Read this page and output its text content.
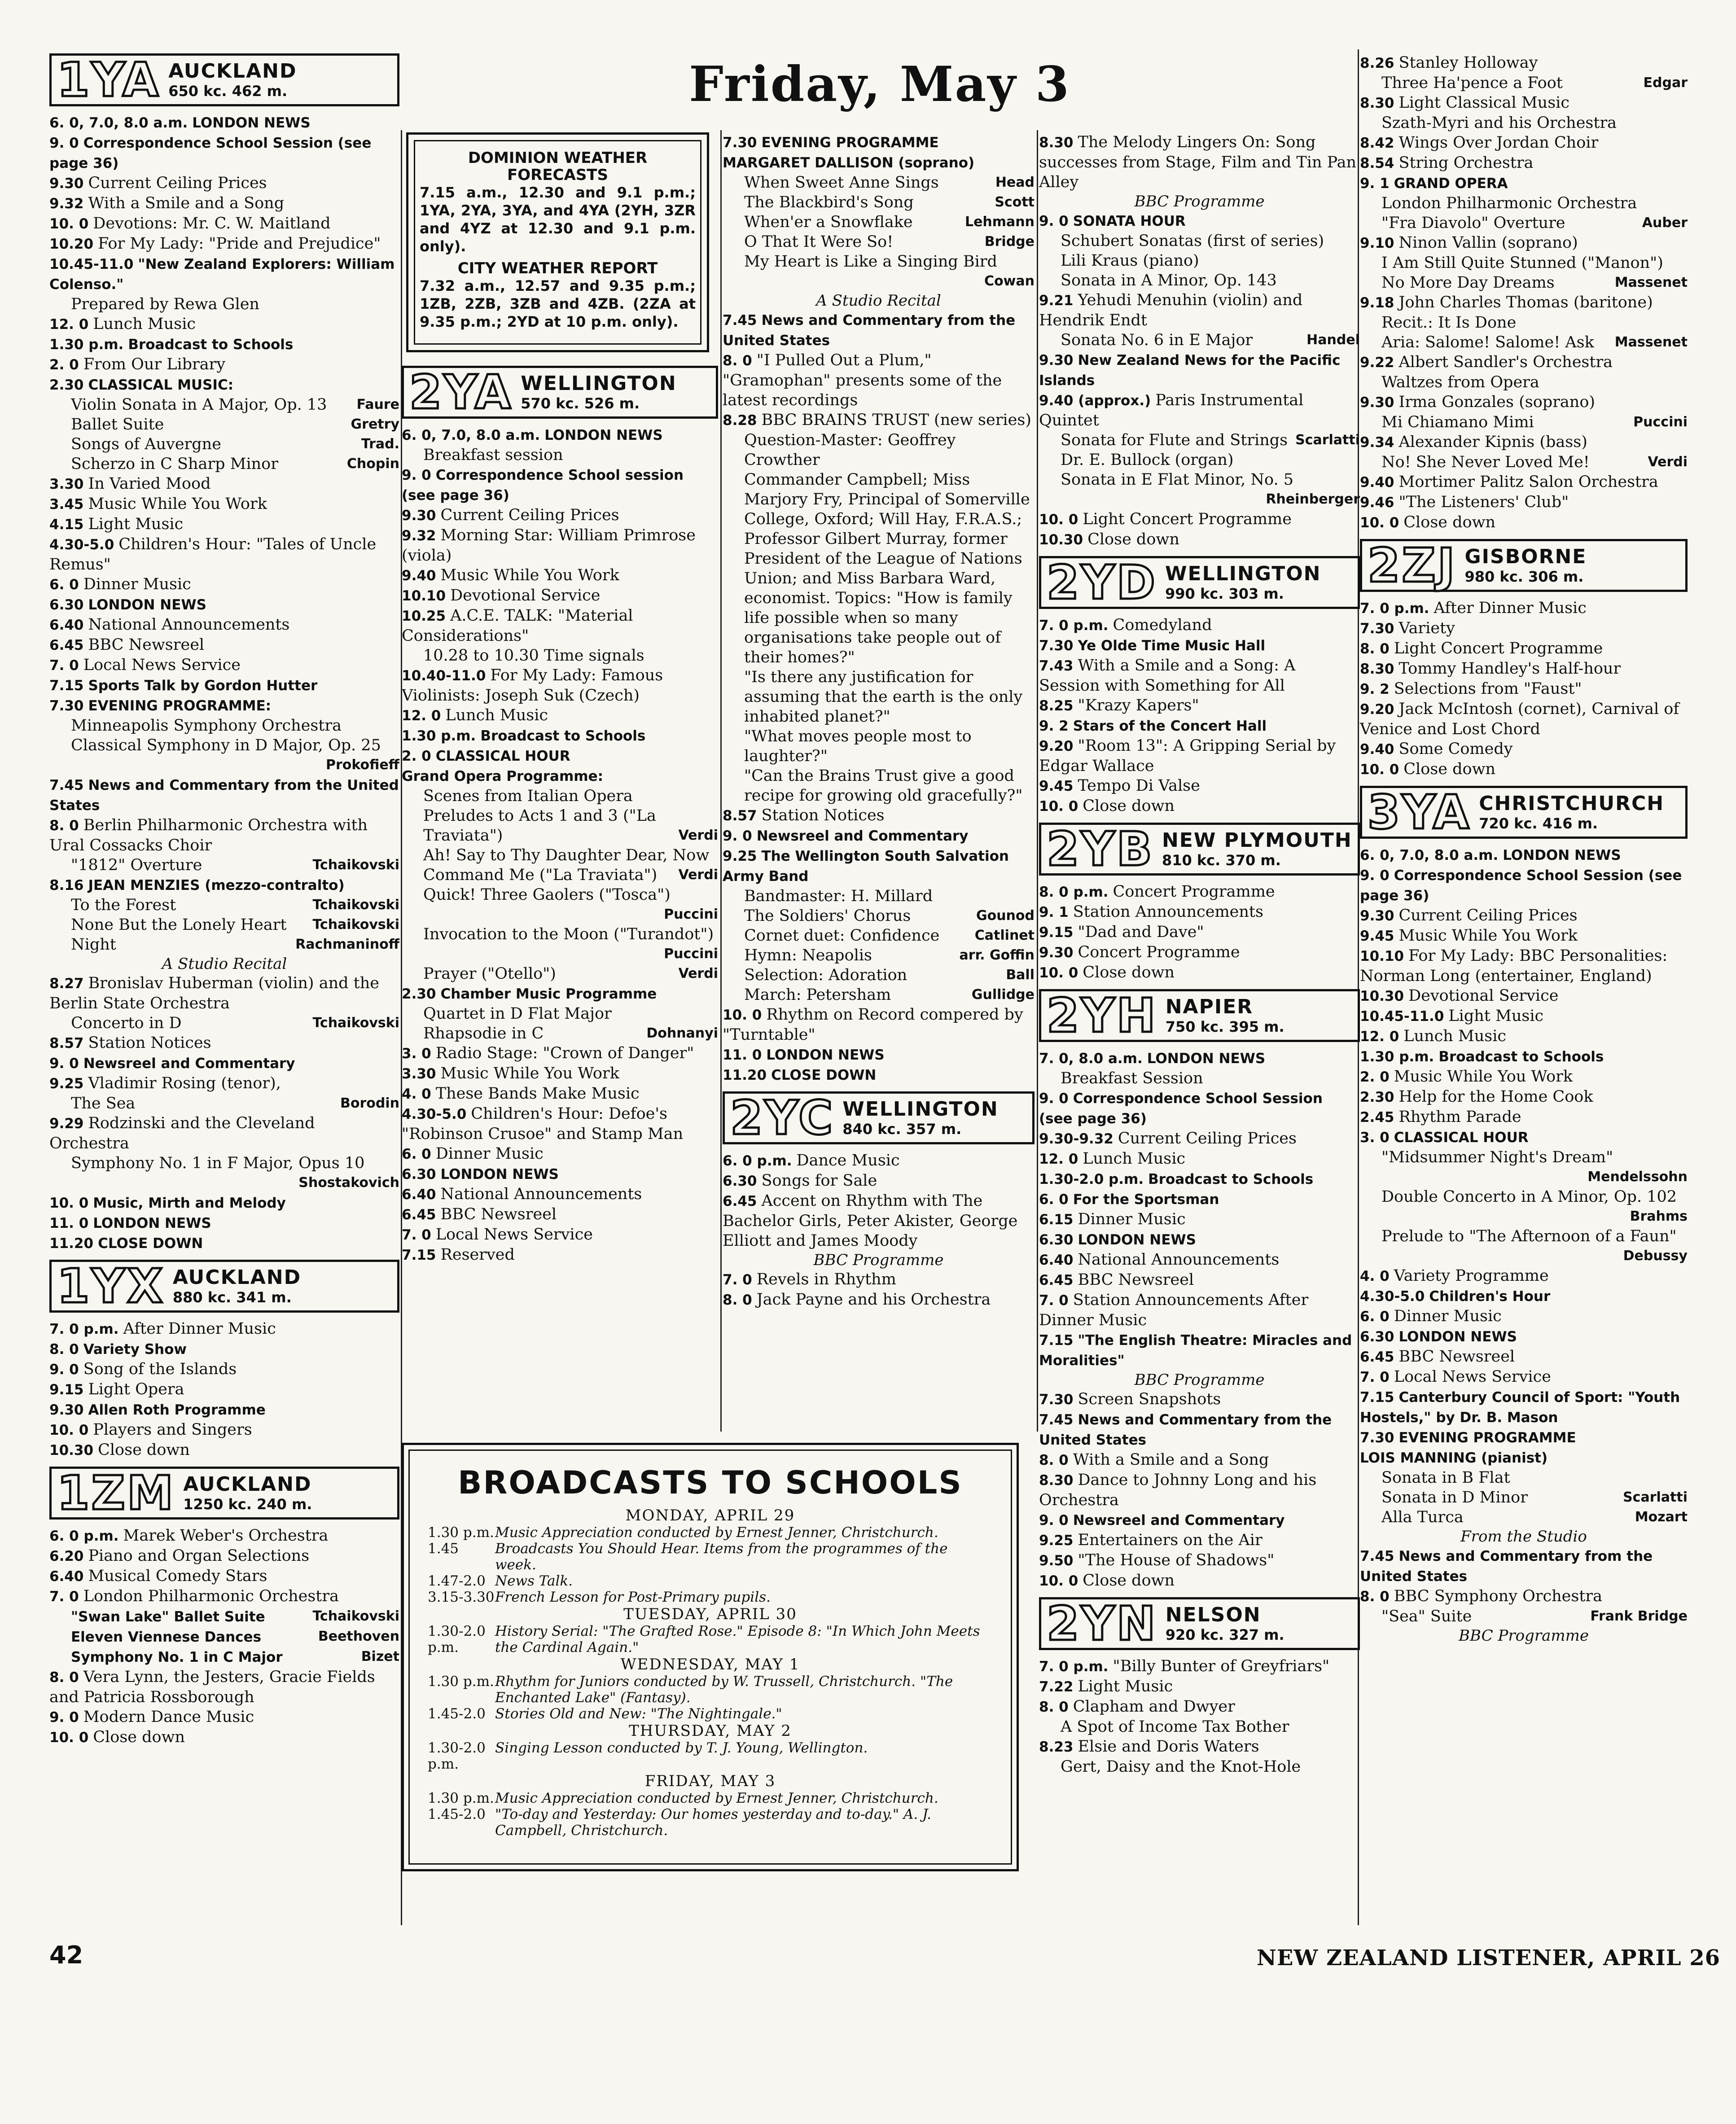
Friday, May 3
1YA AUCKLAND
650 kc. 462 m.
6. 0, 7.0, 8.0 a.m. LONDON NEWS
9. 0 Correspondence School Session (see page 36)
9.30 Current Ceiling Prices
9.32 With a Smile and a Song
10. 0 Devotions: Mr. C. W. Maitland
10.20 For My Lady: "Pride and Prejudice"
10.45-11.0 "New Zealand Explorers: William Colenso."
Prepared by Rewa Glen
12. 0 Lunch Music
1.30 p.m. Broadcast to Schools
2. 0 From Our Library
2.30 CLASSICAL MUSIC:
Violin Sonata in A Major, Op. 13 Faure
Ballet Suite	Gretry
Songs of Auvergne	Trad.
Scherzo in C Sharp Minor	Chopin
3.30 In Varied Mood
3.45 Music While You Work
4.15 Light Music
4.30-5.0 Children's Hour: "Tales of Uncle Remus"
6. 0 Dinner Music
6.30 LONDON NEWS
6.40 National Announcements
6.45 BBC Newsreel
7. 0 Local News Service
7.15 Sports Talk by Gordon Hutter
7.30 EVENING PROGRAMME:
Minneapolis Symphony Orchestra
Classical Symphony in D Major, Op. 25
Prokofieff
7.45 News and Commentary from the United States
8. 0 Berlin Philharmonic Orchestra with Ural Cossacks Choir
"1812" Overture	Tchaikovski
8.16 JEAN MENZIES (mezzo-contralto)
To the Forest	Tchaikovski
None But the Lonely Heart Tchaikovski
Night	Rachmaninoff
A Studio Recital
8.27 Bronislav Huberman (violin) and the Berlin State Orchestra
Concerto in D	Tchaikovski
8.57 Station Notices
9. 0 Newsreel and Commentary
9.25 Vladimir Rosing (tenor),
The Sea	Borodin
9.29 Rodzinski and the Cleveland Orchestra
Symphony No. 1 in F Major, Opus 10
Shostakovich
10. 0 Music, Mirth and Melody
11. 0 LONDON NEWS
11.20 CLOSE DOWN
1YX AUCKLAND
880 kc. 341 m.
7. 0 p.m. After Dinner Music
8. 0 Variety Show
9. 0 Song of the Islands
9.15 Light Opera
9.30 Allen Roth Programme
10. 0 Players and Singers
10.30 Close down
1ZM AUCKLAND
1250 kc. 240 m.
6. 0 p.m. Marek Weber's Orchestra
6.20 Piano and Organ Selections
6.40 Musical Comedy Stars
7. 0 London Philharmonic Orchestra
"Swan Lake" Ballet Suite	Tchaikovski
Eleven Viennese Dances	Beethoven
Symphony No. 1 in C Major	Bizet
8. 0 Vera Lynn, the Jesters, Gracie Fields and Patricia Rossborough
9. 0 Modern Dance Music
10. 0 Close down
DOMINION WEATHER FORECASTS

7.15 a.m., 12.30 and 9.1 p.m.; 1YA, 2YA, 3YA, and 4YA (2YH, 3ZR and 4YZ at 12.30 and 9.1 p.m. only).

CITY WEATHER REPORT

7.32 a.m., 12.57 and 9.35 p.m.; 1ZB, 2ZB, 3ZB and 4ZB. (2ZA at 9.35 p.m.; 2YD at 10 p.m. only).

2YA WELLINGTON
570 kc. 526 m.
6. 0, 7.0, 8.0 a.m. LONDON NEWS
Breakfast session
9. 0 Correspondence School session (see page 36)
9.30 Current Ceiling Prices
9.32 Morning Star: William Primrose (viola)
9.40 Music While You Work
10.10 Devotional Service
10.25 A.C.E. TALK: "Material Considerations"
10.28 to 10.30 Time signals
10.40-11.0 For My Lady: Famous Violinists: Joseph Suk (Czech)
12. 0 Lunch Music
1.30 p.m. Broadcast to Schools
2. 0 CLASSICAL HOUR
Grand Opera Programme:
Scenes from Italian Opera
Preludes to Acts 1 and 3 ("La Traviata")	Verdi
Ah! Say to Thy Daughter Dear, Now Command Me ("La Traviata") Verdi
Quick! Three Gaolers ("Tosca")
Puccini
Invocation to the Moon ("Turandot")
Puccini
Prayer ("Otello")	Verdi
2.30 Chamber Music Programme
Quartet in D Flat Major
Rhapsodie in C	Dohnanyi
3. 0 Radio Stage: "Crown of Danger"
3.30 Music While You Work
4. 0 These Bands Make Music
4.30-5.0 Children's Hour: Defoe's "Robinson Crusoe" and Stamp Man
6. 0 Dinner Music
6.30 LONDON NEWS
6.40 National Announcements
6.45 BBC Newsreel
7. 0 Local News Service
7.15 Reserved
7.30 EVENING PROGRAMME
MARGARET DALLISON (soprano)
When Sweet Anne Sings	Head
The Blackbird's Song	Scott
When'er a Snowflake	Lehmann
O That It Were So!	Bridge
My Heart is Like a Singing Bird
Cowan
A Studio Recital
7.45 News and Commentary from the United States
8. 0 "I Pulled Out a Plum," "Gramophan" presents some of the latest recordings
8.28 BBC BRAINS TRUST (new series)
Question-Master: Geoffrey Crowther
Commander Campbell; Miss Marjory Fry, Principal of Somerville College, Oxford; Will Hay, F.R.A.S.; Professor Gilbert Murray, former President of the League of Nations Union; and Miss Barbara Ward, economist. Topics: "How is family life possible when so many organisations take people out of their homes?"
"Is there any justification for assuming that the earth is the only inhabited planet?"
"What moves people most to laughter?"
"Can the Brains Trust give a good recipe for growing old gracefully?"
8.57 Station Notices
9. 0 Newsreel and Commentary
9.25 The Wellington South Salvation Army Band
Bandmaster: H. Millard
The Soldiers' Chorus	Gounod
Cornet duet: Confidence	Catlinet
Hymn: Neapolis	arr. Goffin
Selection: Adoration	Ball
March: Petersham	Gullidge
10. 0 Rhythm on Record compered by "Turntable"
11. 0 LONDON NEWS
11.20 CLOSE DOWN
2YC WELLINGTON
840 kc. 357 m.
6. 0 p.m. Dance Music
6.30 Songs for Sale
6.45 Accent on Rhythm with The Bachelor Girls, Peter Akister, George Elliott and James Moody
BBC Programme
7. 0 Revels in Rhythm
8. 0 Jack Payne and his Orchestra
8.30 The Melody Lingers On: Song successes from Stage, Film and Tin Pan Alley
BBC Programme
9. 0 SONATA HOUR
Schubert Sonatas (first of series)
Lili Kraus (piano)
Sonata in A Minor, Op. 143
9.21 Yehudi Menuhin (violin) and Hendrik Endt
Sonata No. 6 in E Major	Handel
9.30 New Zealand News for the Pacific Islands
9.40 (approx.) Paris Instrumental Quintet
Sonata for Flute and Strings Scarlatti
Dr. E. Bullock (organ)
Sonata in E Flat Minor, No. 5
Rheinberger
10. 0 Light Concert Programme
10.30 Close down
2YD WELLINGTON
990 kc. 303 m.
7. 0 p.m. Comedyland
7.30 Ye Olde Time Music Hall
7.43 With a Smile and a Song: A Session with Something for All
8.25 "Krazy Kapers"
9. 2 Stars of the Concert Hall
9.20 "Room 13": A Gripping Serial by Edgar Wallace
9.45 Tempo Di Valse
10. 0 Close down
2YB NEW PLYMOUTH
810 kc. 370 m.
8. 0 p.m. Concert Programme
9. 1 Station Announcements
9.15 "Dad and Dave"
9.30 Concert Programme
10. 0 Close down
2YH NAPIER
750 kc. 395 m.
7. 0, 8.0 a.m. LONDON NEWS
Breakfast Session
9. 0 Correspondence School Session (see page 36)
9.30-9.32 Current Ceiling Prices
12. 0 Lunch Music
1.30-2.0 p.m. Broadcast to Schools
6. 0 For the Sportsman
6.15 Dinner Music
6.30 LONDON NEWS
6.40 National Announcements
6.45 BBC Newsreel
7. 0 Station Announcements After Dinner Music
7.15 "The English Theatre: Miracles and Moralities"
BBC Programme
7.30 Screen Snapshots
7.45 News and Commentary from the United States
8. 0 With a Smile and a Song
8.30 Dance to Johnny Long and his Orchestra
9. 0 Newsreel and Commentary
9.25 Entertainers on the Air
9.50 "The House of Shadows"
10. 0 Close down
2YN NELSON
920 kc. 327 m.
7. 0 p.m. "Billy Bunter of Greyfriars"
7.22 Light Music
8. 0 Clapham and Dwyer
A Spot of Income Tax Bother
8.23 Elsie and Doris Waters
Gert, Daisy and the Knot-Hole
8.26 Stanley Holloway
Three Ha'pence a Foot	Edgar
8.30 Light Classical Music
Szath-Myri and his Orchestra
8.42 Wings Over Jordan Choir
8.54 String Orchestra
9. 1 GRAND OPERA
London Philharmonic Orchestra
"Fra Diavolo" Overture	Auber
9.10 Ninon Vallin (soprano)
I Am Still Quite Stunned ("Manon")
No More Day Dreams	Massenet
9.18 John Charles Thomas (baritone)
Recit.: It Is Done
Aria: Salome! Salome! Ask Massenet
9.22 Albert Sandler's Orchestra
Waltzes from Opera
9.30 Irma Gonzales (soprano)
Mi Chiamano Mimi	Puccini
9.34 Alexander Kipnis (bass)
No! She Never Loved Me!	Verdi
9.40 Mortimer Palitz Salon Orchestra
9.46 "The Listeners' Club"
10. 0 Close down
2ZJ GISBORNE
980 kc. 306 m.
7. 0 p.m. After Dinner Music
7.30 Variety
8. 0 Light Concert Programme
8.30 Tommy Handley's Half-hour
9. 2 Selections from "Faust"
9.20 Jack McIntosh (cornet), Carnival of Venice and Lost Chord
9.40 Some Comedy
10. 0 Close down
3YA CHRISTCHURCH
720 kc. 416 m.
6. 0, 7.0, 8.0 a.m. LONDON NEWS
9. 0 Correspondence School Session (see page 36)
9.30 Current Ceiling Prices
9.45 Music While You Work
10.10 For My Lady: BBC Personalities: Norman Long (entertainer, England)
10.30 Devotional Service
10.45-11.0 Light Music
12. 0 Lunch Music
1.30 p.m. Broadcast to Schools
2. 0 Music While You Work
2.30 Help for the Home Cook
2.45 Rhythm Parade
3. 0 CLASSICAL HOUR
"Midsummer Night's Dream"
Mendelssohn
Double Concerto in A Minor, Op. 102
Brahms
Prelude to "The Afternoon of a Faun"
Debussy
4. 0 Variety Programme
4.30-5.0 Children's Hour
6. 0 Dinner Music
6.30 LONDON NEWS
6.45 BBC Newsreel
7. 0 Local News Service
7.15 Canterbury Council of Sport: "Youth Hostels," by Dr. B. Mason
7.30 EVENING PROGRAMME
LOIS MANNING (pianist)
Sonata in B Flat
Sonata in D Minor	Scarlatti
Alla Turca	Mozart
From the Studio
7.45 News and Commentary from the United States
8. 0 BBC Symphony Orchestra
"Sea" Suite	Frank Bridge
BBC Programme
BROADCASTS TO SCHOOLS
MONDAY, APRIL 29
1.30 p.m. Music Appreciation conducted by Ernest Jenner, Christchurch.
1.45	Broadcasts You Should Hear. Items from the programmes of the week.
1.47-2.0 News Talk.
3.15-3.30 French Lesson for Post-Primary pupils.
TUESDAY, APRIL 30
1.30-2.0 p.m.
History Serial: "The Grafted Rose." Episode 8: "In Which John Meets the Cardinal Again."
WEDNESDAY, MAY 1
1.30 p.m. Rhythm for Juniors conducted by W. Trussell, Christchurch. "The Enchanted Lake" (Fantasy).
1.45-2.0 Stories Old and New: "The Nightingale."
THURSDAY, MAY 2
1.30-2.0 p.m.
Singing Lesson conducted by T. J. Young, Wellington.
FRIDAY, MAY 3
1.30 p.m. Music Appreciation conducted by Ernest Jenner, Christchurch.
1.45-2.0 "To-day and Yesterday: Our homes yesterday and to-day." A. J. Campbell, Christchurch.
42	NEW ZEALAND LISTENER, APRIL 26
